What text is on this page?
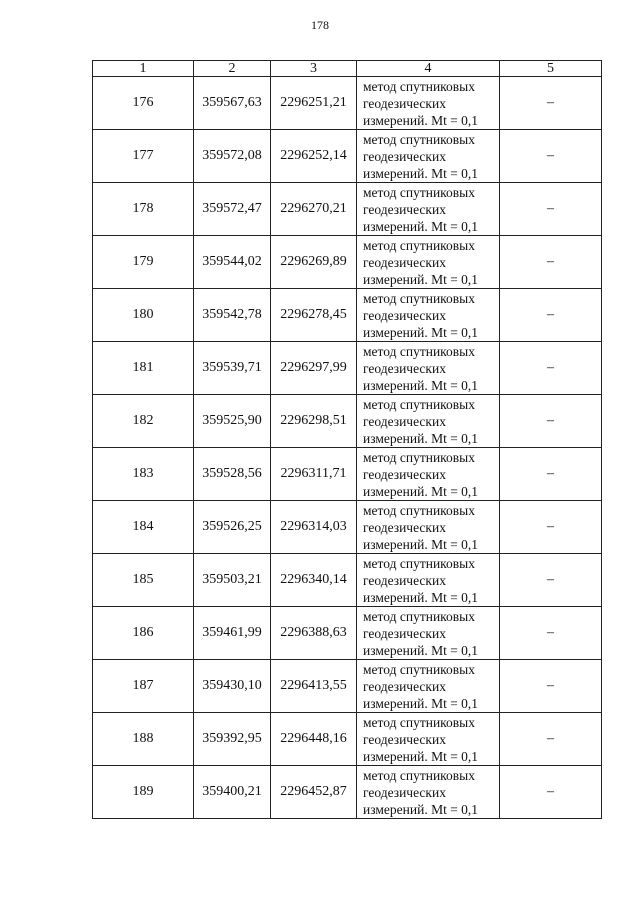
178
1	2	3	4	5
176	359567,63	2296251,21	метод спутниковых
геодезических
измерений. Mt = 0,1	–
177	359572,08	2296252,14	метод спутниковых
геодезических
измерений. Mt = 0,1	–
178	359572,47	2296270,21	метод спутниковых
геодезических
измерений. Mt = 0,1	–
179	359544,02	2296269,89	метод спутниковых
геодезических
измерений. Mt = 0,1	–
180	359542,78	2296278,45	метод спутниковых
геодезических
измерений. Mt = 0,1	–
181	359539,71	2296297,99	метод спутниковых
геодезических
измерений. Mt = 0,1	–
182	359525,90	2296298,51	метод спутниковых
геодезических
измерений. Mt = 0,1	–
183	359528,56	2296311,71	метод спутниковых
геодезических
измерений. Mt = 0,1	–
184	359526,25	2296314,03	метод спутниковых
геодезических
измерений. Mt = 0,1	–
185	359503,21	2296340,14	метод спутниковых
геодезических
измерений. Mt = 0,1	–
186	359461,99	2296388,63	метод спутниковых
геодезических
измерений. Mt = 0,1	–
187	359430,10	2296413,55	метод спутниковых
геодезических
измерений. Mt = 0,1	–
188	359392,95	2296448,16	метод спутниковых
геодезических
измерений. Mt = 0,1	–
189	359400,21	2296452,87	метод спутниковых
геодезических
измерений. Mt = 0,1	–
